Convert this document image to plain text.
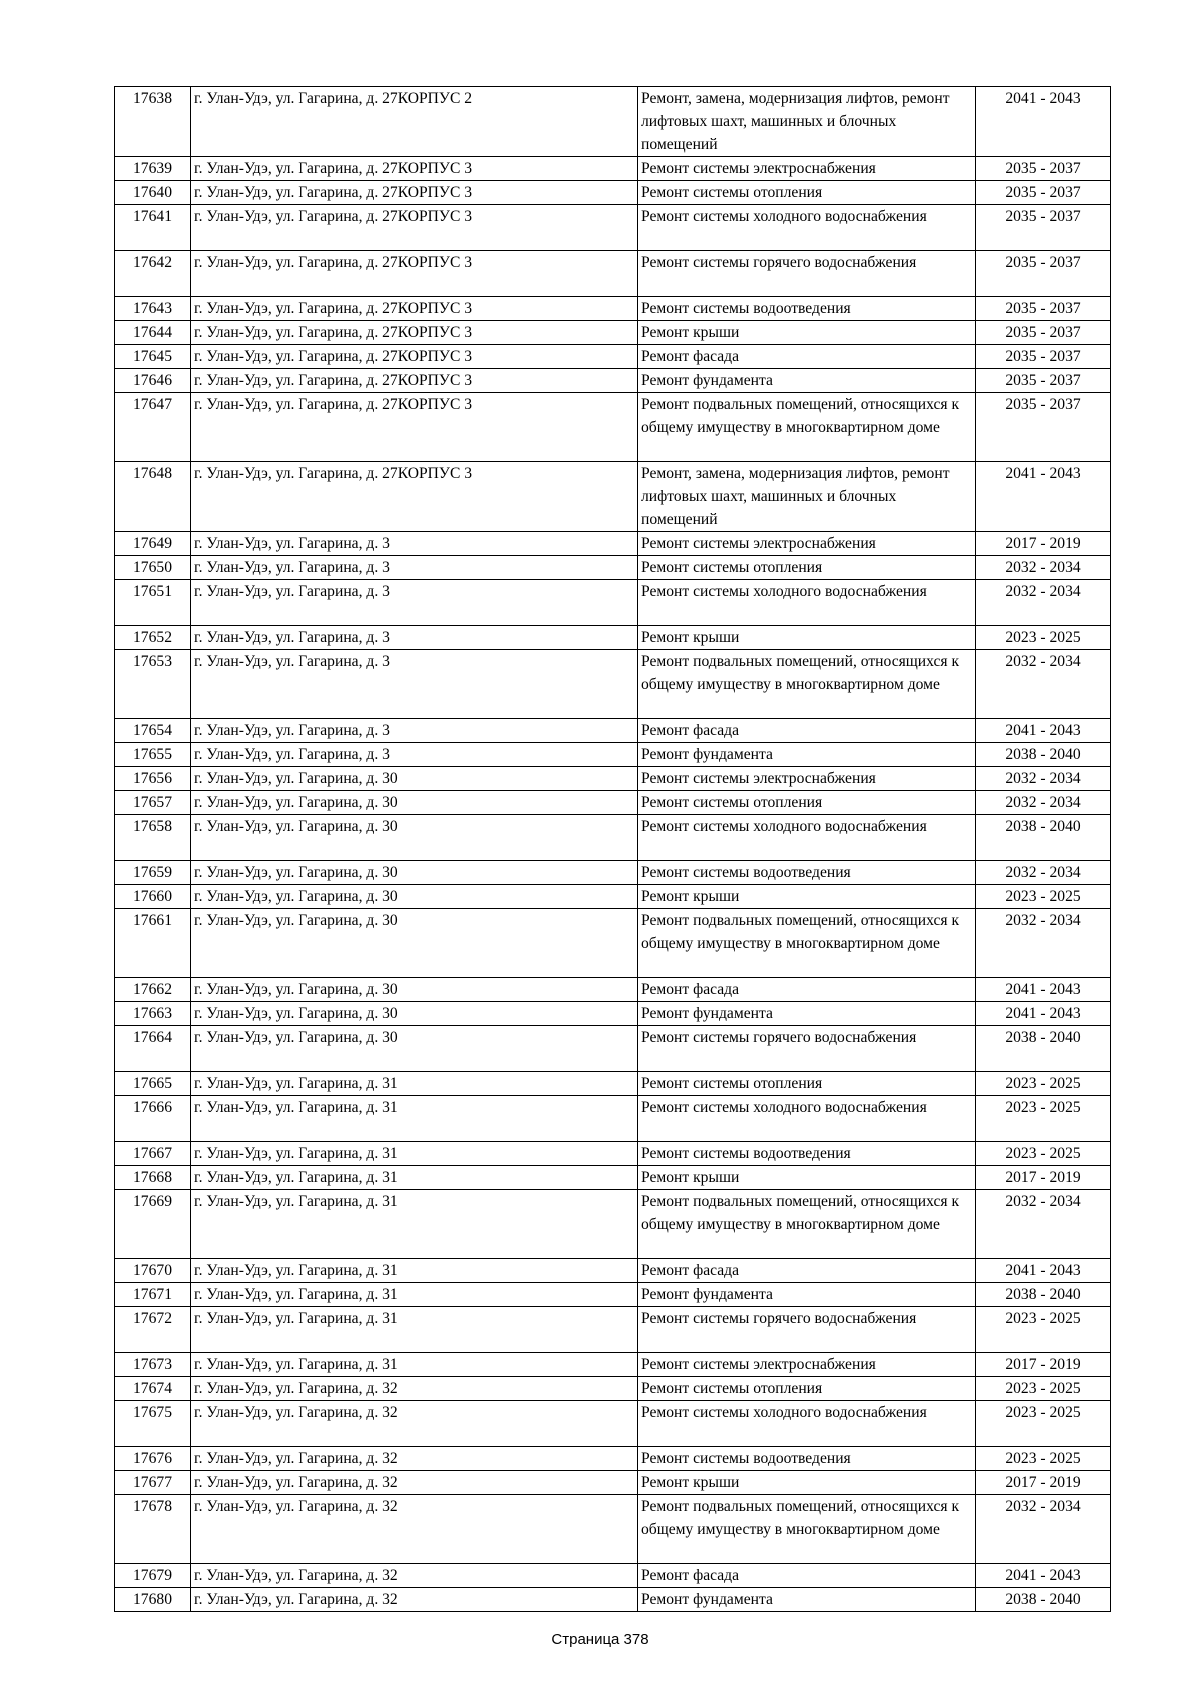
17638	г. Улан-Удэ, ул. Гагарина, д. 27КОРПУС 2	Ремонт, замена, модернизация лифтов, ремонт лифтовых шахт, машинных и блочных помещений	2041 - 2043
17639	г. Улан-Удэ, ул. Гагарина, д. 27КОРПУС 3	Ремонт системы электроснабжения	2035 - 2037
17640	г. Улан-Удэ, ул. Гагарина, д. 27КОРПУС 3	Ремонт системы отопления	2035 - 2037
17641	г. Улан-Удэ, ул. Гагарина, д. 27КОРПУС 3	Ремонт системы холодного водоснабжения	2035 - 2037
17642	г. Улан-Удэ, ул. Гагарина, д. 27КОРПУС 3	Ремонт системы горячего водоснабжения	2035 - 2037
17643	г. Улан-Удэ, ул. Гагарина, д. 27КОРПУС 3	Ремонт системы водоотведения	2035 - 2037
17644	г. Улан-Удэ, ул. Гагарина, д. 27КОРПУС 3	Ремонт крыши	2035 - 2037
17645	г. Улан-Удэ, ул. Гагарина, д. 27КОРПУС 3	Ремонт фасада	2035 - 2037
17646	г. Улан-Удэ, ул. Гагарина, д. 27КОРПУС 3	Ремонт фундамента	2035 - 2037
17647	г. Улан-Удэ, ул. Гагарина, д. 27КОРПУС 3	Ремонт подвальных помещений, относящихся к общему имуществу в многоквартирном доме	2035 - 2037
17648	г. Улан-Удэ, ул. Гагарина, д. 27КОРПУС 3	Ремонт, замена, модернизация лифтов, ремонт лифтовых шахт, машинных и блочных помещений	2041 - 2043
17649	г. Улан-Удэ, ул. Гагарина, д. 3	Ремонт системы электроснабжения	2017 - 2019
17650	г. Улан-Удэ, ул. Гагарина, д. 3	Ремонт системы отопления	2032 - 2034
17651	г. Улан-Удэ, ул. Гагарина, д. 3	Ремонт системы холодного водоснабжения	2032 - 2034
17652	г. Улан-Удэ, ул. Гагарина, д. 3	Ремонт крыши	2023 - 2025
17653	г. Улан-Удэ, ул. Гагарина, д. 3	Ремонт подвальных помещений, относящихся к общему имуществу в многоквартирном доме	2032 - 2034
17654	г. Улан-Удэ, ул. Гагарина, д. 3	Ремонт фасада	2041 - 2043
17655	г. Улан-Удэ, ул. Гагарина, д. 3	Ремонт фундамента	2038 - 2040
17656	г. Улан-Удэ, ул. Гагарина, д. 30	Ремонт системы электроснабжения	2032 - 2034
17657	г. Улан-Удэ, ул. Гагарина, д. 30	Ремонт системы отопления	2032 - 2034
17658	г. Улан-Удэ, ул. Гагарина, д. 30	Ремонт системы холодного водоснабжения	2038 - 2040
17659	г. Улан-Удэ, ул. Гагарина, д. 30	Ремонт системы водоотведения	2032 - 2034
17660	г. Улан-Удэ, ул. Гагарина, д. 30	Ремонт крыши	2023 - 2025
17661	г. Улан-Удэ, ул. Гагарина, д. 30	Ремонт подвальных помещений, относящихся к общему имуществу в многоквартирном доме	2032 - 2034
17662	г. Улан-Удэ, ул. Гагарина, д. 30	Ремонт фасада	2041 - 2043
17663	г. Улан-Удэ, ул. Гагарина, д. 30	Ремонт фундамента	2041 - 2043
17664	г. Улан-Удэ, ул. Гагарина, д. 30	Ремонт системы горячего водоснабжения	2038 - 2040
17665	г. Улан-Удэ, ул. Гагарина, д. 31	Ремонт системы отопления	2023 - 2025
17666	г. Улан-Удэ, ул. Гагарина, д. 31	Ремонт системы холодного водоснабжения	2023 - 2025
17667	г. Улан-Удэ, ул. Гагарина, д. 31	Ремонт системы водоотведения	2023 - 2025
17668	г. Улан-Удэ, ул. Гагарина, д. 31	Ремонт крыши	2017 - 2019
17669	г. Улан-Удэ, ул. Гагарина, д. 31	Ремонт подвальных помещений, относящихся к общему имуществу в многоквартирном доме	2032 - 2034
17670	г. Улан-Удэ, ул. Гагарина, д. 31	Ремонт фасада	2041 - 2043
17671	г. Улан-Удэ, ул. Гагарина, д. 31	Ремонт фундамента	2038 - 2040
17672	г. Улан-Удэ, ул. Гагарина, д. 31	Ремонт системы горячего водоснабжения	2023 - 2025
17673	г. Улан-Удэ, ул. Гагарина, д. 31	Ремонт системы электроснабжения	2017 - 2019
17674	г. Улан-Удэ, ул. Гагарина, д. 32	Ремонт системы отопления	2023 - 2025
17675	г. Улан-Удэ, ул. Гагарина, д. 32	Ремонт системы холодного водоснабжения	2023 - 2025
17676	г. Улан-Удэ, ул. Гагарина, д. 32	Ремонт системы водоотведения	2023 - 2025
17677	г. Улан-Удэ, ул. Гагарина, д. 32	Ремонт крыши	2017 - 2019
17678	г. Улан-Удэ, ул. Гагарина, д. 32	Ремонт подвальных помещений, относящихся к общему имуществу в многоквартирном доме	2032 - 2034
17679	г. Улан-Удэ, ул. Гагарина, д. 32	Ремонт фасада	2041 - 2043
17680	г. Улан-Удэ, ул. Гагарина, д. 32	Ремонт фундамента	2038 - 2040
Страница 378
